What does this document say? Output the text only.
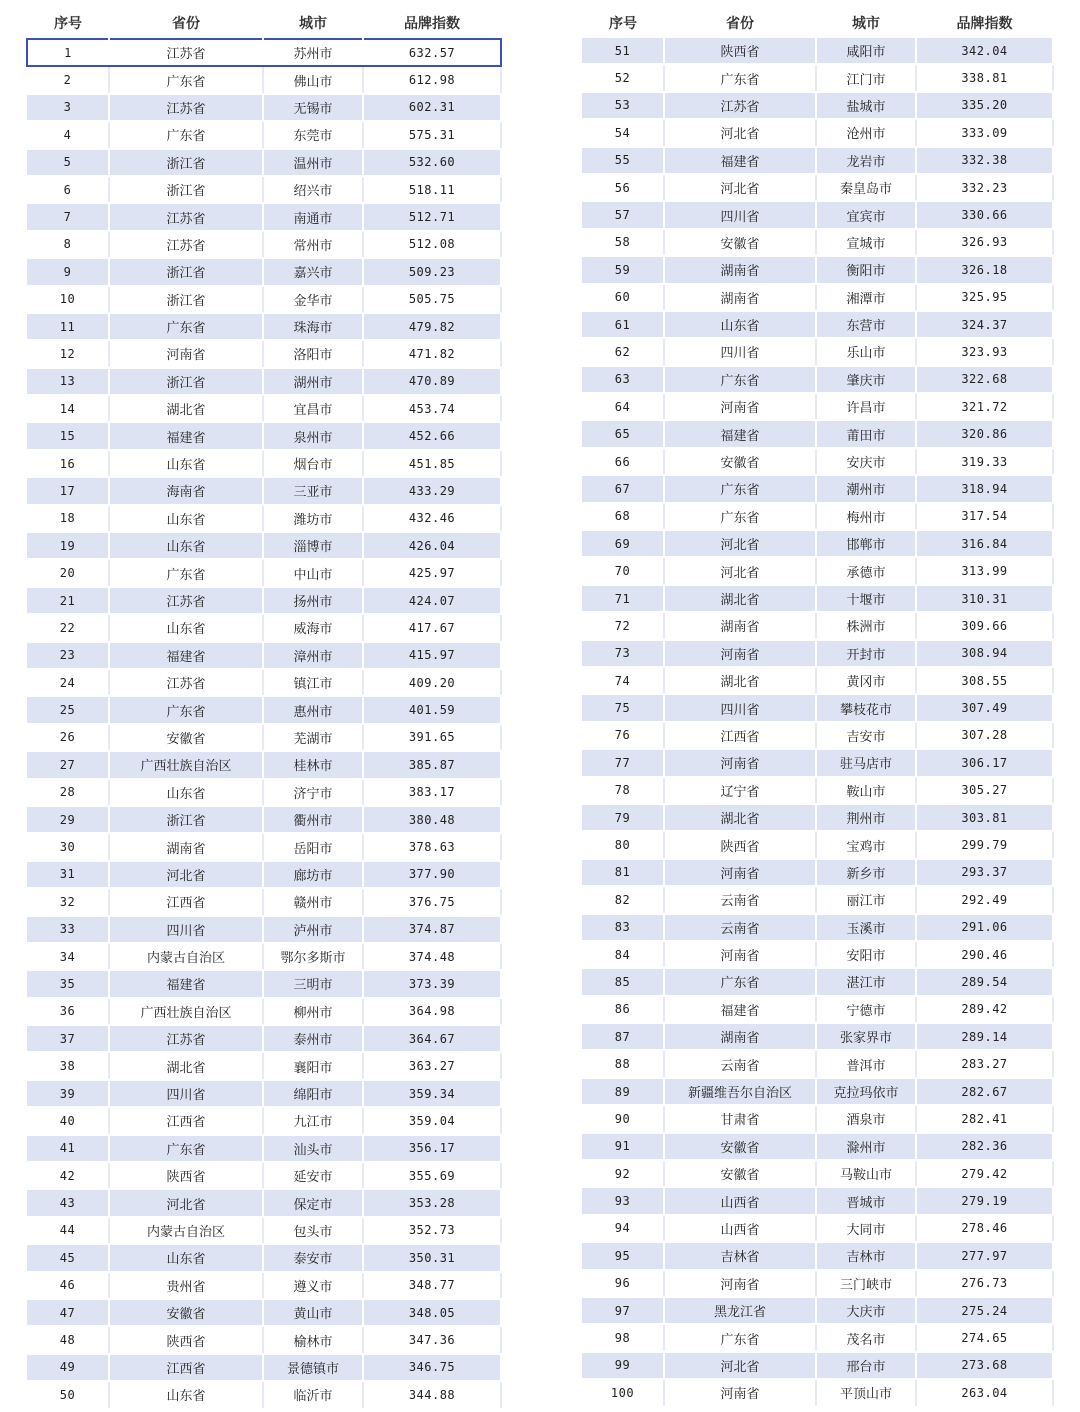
序号	省份	城市	品牌指数
1	江苏省	苏州市	632.57
2	广东省	佛山市	612.98
3	江苏省	无锡市	602.31
4	广东省	东莞市	575.31
5	浙江省	温州市	532.60
6	浙江省	绍兴市	518.11
7	江苏省	南通市	512.71
8	江苏省	常州市	512.08
9	浙江省	嘉兴市	509.23
10	浙江省	金华市	505.75
11	广东省	珠海市	479.82
12	河南省	洛阳市	471.82
13	浙江省	湖州市	470.89
14	湖北省	宜昌市	453.74
15	福建省	泉州市	452.66
16	山东省	烟台市	451.85
17	海南省	三亚市	433.29
18	山东省	潍坊市	432.46
19	山东省	淄博市	426.04
20	广东省	中山市	425.97
21	江苏省	扬州市	424.07
22	山东省	威海市	417.67
23	福建省	漳州市	415.97
24	江苏省	镇江市	409.20
25	广东省	惠州市	401.59
26	安徽省	芜湖市	391.65
27	广西壮族自治区	桂林市	385.87
28	山东省	济宁市	383.17
29	浙江省	衢州市	380.48
30	湖南省	岳阳市	378.63
31	河北省	廊坊市	377.90
32	江西省	赣州市	376.75
33	四川省	泸州市	374.87
34	内蒙古自治区	鄂尔多斯市	374.48
35	福建省	三明市	373.39
36	广西壮族自治区	柳州市	364.98
37	江苏省	泰州市	364.67
38	湖北省	襄阳市	363.27
39	四川省	绵阳市	359.34
40	江西省	九江市	359.04
41	广东省	汕头市	356.17
42	陕西省	延安市	355.69
43	河北省	保定市	353.28
44	内蒙古自治区	包头市	352.73
45	山东省	泰安市	350.31
46	贵州省	遵义市	348.77
47	安徽省	黄山市	348.05
48	陕西省	榆林市	347.36
49	江西省	景德镇市	346.75
50	山东省	临沂市	344.88
序号	省份	城市	品牌指数
51	陕西省	咸阳市	342.04
52	广东省	江门市	338.81
53	江苏省	盐城市	335.20
54	河北省	沧州市	333.09
55	福建省	龙岩市	332.38
56	河北省	秦皇岛市	332.23
57	四川省	宜宾市	330.66
58	安徽省	宣城市	326.93
59	湖南省	衡阳市	326.18
60	湖南省	湘潭市	325.95
61	山东省	东营市	324.37
62	四川省	乐山市	323.93
63	广东省	肇庆市	322.68
64	河南省	许昌市	321.72
65	福建省	莆田市	320.86
66	安徽省	安庆市	319.33
67	广东省	潮州市	318.94
68	广东省	梅州市	317.54
69	河北省	邯郸市	316.84
70	河北省	承德市	313.99
71	湖北省	十堰市	310.31
72	湖南省	株洲市	309.66
73	河南省	开封市	308.94
74	湖北省	黄冈市	308.55
75	四川省	攀枝花市	307.49
76	江西省	吉安市	307.28
77	河南省	驻马店市	306.17
78	辽宁省	鞍山市	305.27
79	湖北省	荆州市	303.81
80	陕西省	宝鸡市	299.79
81	河南省	新乡市	293.37
82	云南省	丽江市	292.49
83	云南省	玉溪市	291.06
84	河南省	安阳市	290.46
85	广东省	湛江市	289.54
86	福建省	宁德市	289.42
87	湖南省	张家界市	289.14
88	云南省	普洱市	283.27
89	新疆维吾尔自治区	克拉玛依市	282.67
90	甘肃省	酒泉市	282.41
91	安徽省	滁州市	282.36
92	安徽省	马鞍山市	279.42
93	山西省	晋城市	279.19
94	山西省	大同市	278.46
95	吉林省	吉林市	277.97
96	河南省	三门峡市	276.73
97	黑龙江省	大庆市	275.24
98	广东省	茂名市	274.65
99	河北省	邢台市	273.68
100	河南省	平顶山市	263.04
